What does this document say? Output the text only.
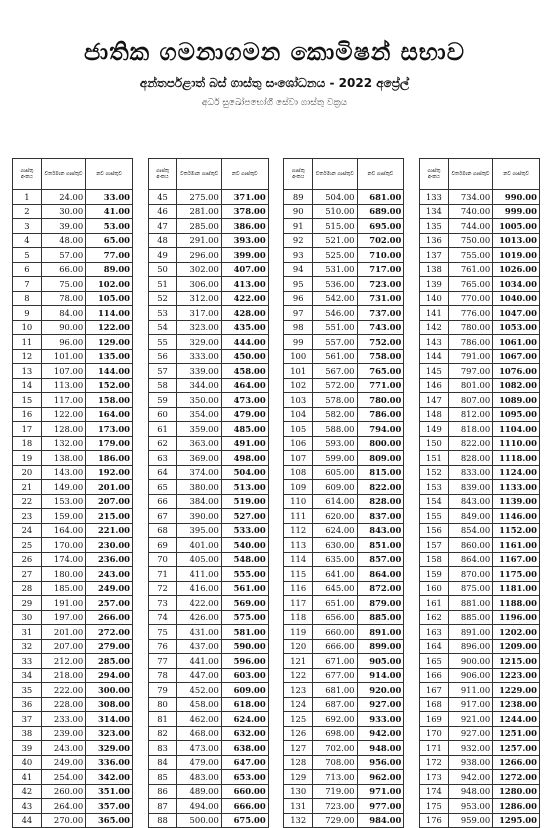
ජාතික ගමනාගමන කොමිෂන් සභාව
අන්තර්පළාත් බස් ගාස්තු සංශෝධනය - 2022 අප්‍රේල්
අර්ධ සුඛෝපභෝගී සේවා ගාස්තු වක්‍රය
ගාස්තු අංකය	වර්තමාන ගාස්තුව	නව ගාස්තුව
1	24.00	33.00
2	30.00	41.00
3	39.00	53.00
4	48.00	65.00
5	57.00	77.00
6	66.00	89.00
7	75.00	102.00
8	78.00	105.00
9	84.00	114.00
10	90.00	122.00
11	96.00	129.00
12	101.00	135.00
13	107.00	144.00
14	113.00	152.00
15	117.00	158.00
16	122.00	164.00
17	128.00	173.00
18	132.00	179.00
19	138.00	186.00
20	143.00	192.00
21	149.00	201.00
22	153.00	207.00
23	159.00	215.00
24	164.00	221.00
25	170.00	230.00
26	174.00	236.00
27	180.00	243.00
28	185.00	249.00
29	191.00	257.00
30	197.00	266.00
31	201.00	272.00
32	207.00	279.00
33	212.00	285.00
34	218.00	294.00
35	222.00	300.00
36	228.00	308.00
37	233.00	314.00
38	239.00	323.00
39	243.00	329.00
40	249.00	336.00
41	254.00	342.00
42	260.00	351.00
43	264.00	357.00
44	270.00	365.00
ගාස්තු අංකය	වර්තමාන ගාස්තුව	නව ගාස්තුව
45	275.00	371.00
46	281.00	378.00
47	285.00	386.00
48	291.00	393.00
49	296.00	399.00
50	302.00	407.00
51	306.00	413.00
52	312.00	422.00
53	317.00	428.00
54	323.00	435.00
55	329.00	444.00
56	333.00	450.00
57	339.00	458.00
58	344.00	464.00
59	350.00	473.00
60	354.00	479.00
61	359.00	485.00
62	363.00	491.00
63	369.00	498.00
64	374.00	504.00
65	380.00	513.00
66	384.00	519.00
67	390.00	527.00
68	395.00	533.00
69	401.00	540.00
70	405.00	548.00
71	411.00	555.00
72	416.00	561.00
73	422.00	569.00
74	426.00	575.00
75	431.00	581.00
76	437.00	590.00
77	441.00	596.00
78	447.00	603.00
79	452.00	609.00
80	458.00	618.00
81	462.00	624.00
82	468.00	632.00
83	473.00	638.00
84	479.00	647.00
85	483.00	653.00
86	489.00	660.00
87	494.00	666.00
88	500.00	675.00
ගාස්තු අංකය	වර්තමාන ගාස්තුව	නව ගාස්තුව
89	504.00	681.00
90	510.00	689.00
91	515.00	695.00
92	521.00	702.00
93	525.00	710.00
94	531.00	717.00
95	536.00	723.00
96	542.00	731.00
97	546.00	737.00
98	551.00	743.00
99	557.00	752.00
100	561.00	758.00
101	567.00	765.00
102	572.00	771.00
103	578.00	780.00
104	582.00	786.00
105	588.00	794.00
106	593.00	800.00
107	599.00	809.00
108	605.00	815.00
109	609.00	822.00
110	614.00	828.00
111	620.00	837.00
112	624.00	843.00
113	630.00	851.00
114	635.00	857.00
115	641.00	864.00
116	645.00	872.00
117	651.00	879.00
118	656.00	885.00
119	660.00	891.00
120	666.00	899.00
121	671.00	905.00
122	677.00	914.00
123	681.00	920.00
124	687.00	927.00
125	692.00	933.00
126	698.00	942.00
127	702.00	948.00
128	708.00	956.00
129	713.00	962.00
130	719.00	971.00
131	723.00	977.00
132	729.00	984.00
ගාස්තු අංකය	වර්තමාන ගාස්තුව	නව ගාස්තුව
133	734.00	990.00
134	740.00	999.00
135	744.00	1005.00
136	750.00	1013.00
137	755.00	1019.00
138	761.00	1026.00
139	765.00	1034.00
140	770.00	1040.00
141	776.00	1047.00
142	780.00	1053.00
143	786.00	1061.00
144	791.00	1067.00
145	797.00	1076.00
146	801.00	1082.00
147	807.00	1089.00
148	812.00	1095.00
149	818.00	1104.00
150	822.00	1110.00
151	828.00	1118.00
152	833.00	1124.00
153	839.00	1133.00
154	843.00	1139.00
155	849.00	1146.00
156	854.00	1152.00
157	860.00	1161.00
158	864.00	1167.00
159	870.00	1175.00
160	875.00	1181.00
161	881.00	1188.00
162	885.00	1196.00
163	891.00	1202.00
164	896.00	1209.00
165	900.00	1215.00
166	906.00	1223.00
167	911.00	1229.00
168	917.00	1238.00
169	921.00	1244.00
170	927.00	1251.00
171	932.00	1257.00
172	938.00	1266.00
173	942.00	1272.00
174	948.00	1280.00
175	953.00	1286.00
176	959.00	1295.00
